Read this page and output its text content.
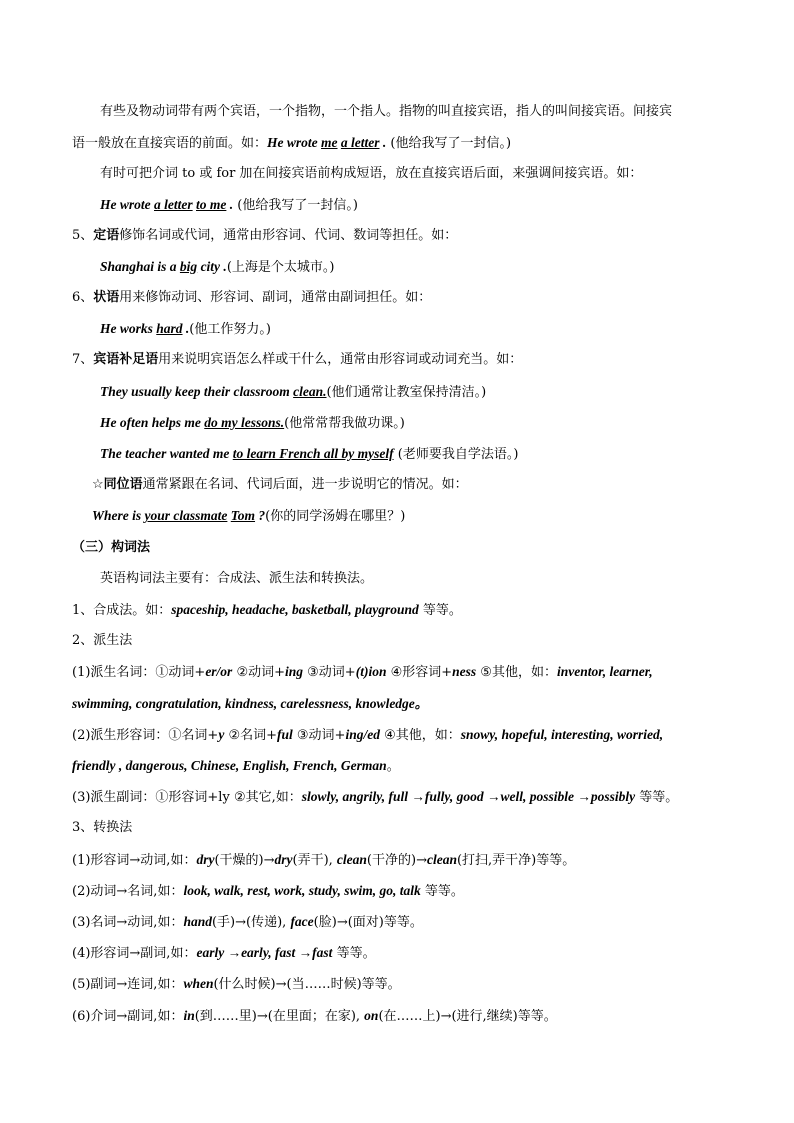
有些及物动词带有两个宾语，一个指物，一个指人。指物的叫直接宾语，指人的叫间接宾语。间接宾
语一般放在直接宾语的前面。如：He wrote me a letter . (他给我写了一封信。)
有时可把介词 to 或 for 加在间接宾语前构成短语，放在直接宾语后面，来强调间接宾语。如：
He wrote a letter to me . (他给我写了一封信。)
5、定语修饰名词或代词，通常由形容词、代词、数词等担任。如：
Shanghai is a big city .(上海是个太城市。)
6、状语用来修饰动词、形容词、副词，通常由副词担任。如：
He works hard .(他工作努力。)
7、宾语补足语用来说明宾语怎么样或干什么，通常由形容词或动词充当。如：
They usually keep their classroom clean.(他们通常让教室保持清洁。)
He often helps me do my lessons.(他常常帮我做功课。)
The teacher wanted me to learn French all by myself (老师要我自学法语。)
☆同位语通常紧跟在名词、代词后面，进一步说明它的情况。如：
Where is your classmate Tom ?(你的同学汤姆在哪里？)
（三）构词法
英语构词法主要有：合成法、派生法和转换法。
1、合成法。如：spaceship, headache, basketball, playground 等等。
2、派生法
(1)派生名词：①动词+er/or ②动词+ing ③动词+(t)ion ④形容词+ness ⑤其他，如：inventor, learner,
swimming, congratulation, kindness, carelessness, knowledge。
(2)派生形容词：①名词+y ②名词+ful ③动词+ing/ed ④其他，如：snowy, hopeful, interesting, worried,
friendly , dangerous, Chinese, English, French, German。
(3)派生副词：①形容词+ly ②其它,如：slowly, angrily, full →fully, good →well, possible →possibly 等等。
3、转换法
(1)形容词→动词,如：dry(干燥的)→dry(弄干), clean(干净的)→clean(打扫,弄干净)等等。
(2)动词→名词,如：look, walk, rest, work, study, swim, go, talk 等等。
(3)名词→动词,如：hand(手)→(传递), face(脸)→(面对)等等。
(4)形容词→副词,如：early →early, fast →fast 等等。
(5)副词→连词,如：when(什么时候)→(当……时候)等等。
(6)介词→副词,如：in(到……里)→(在里面；在家), on(在……上)→(进行,继续)等等。
